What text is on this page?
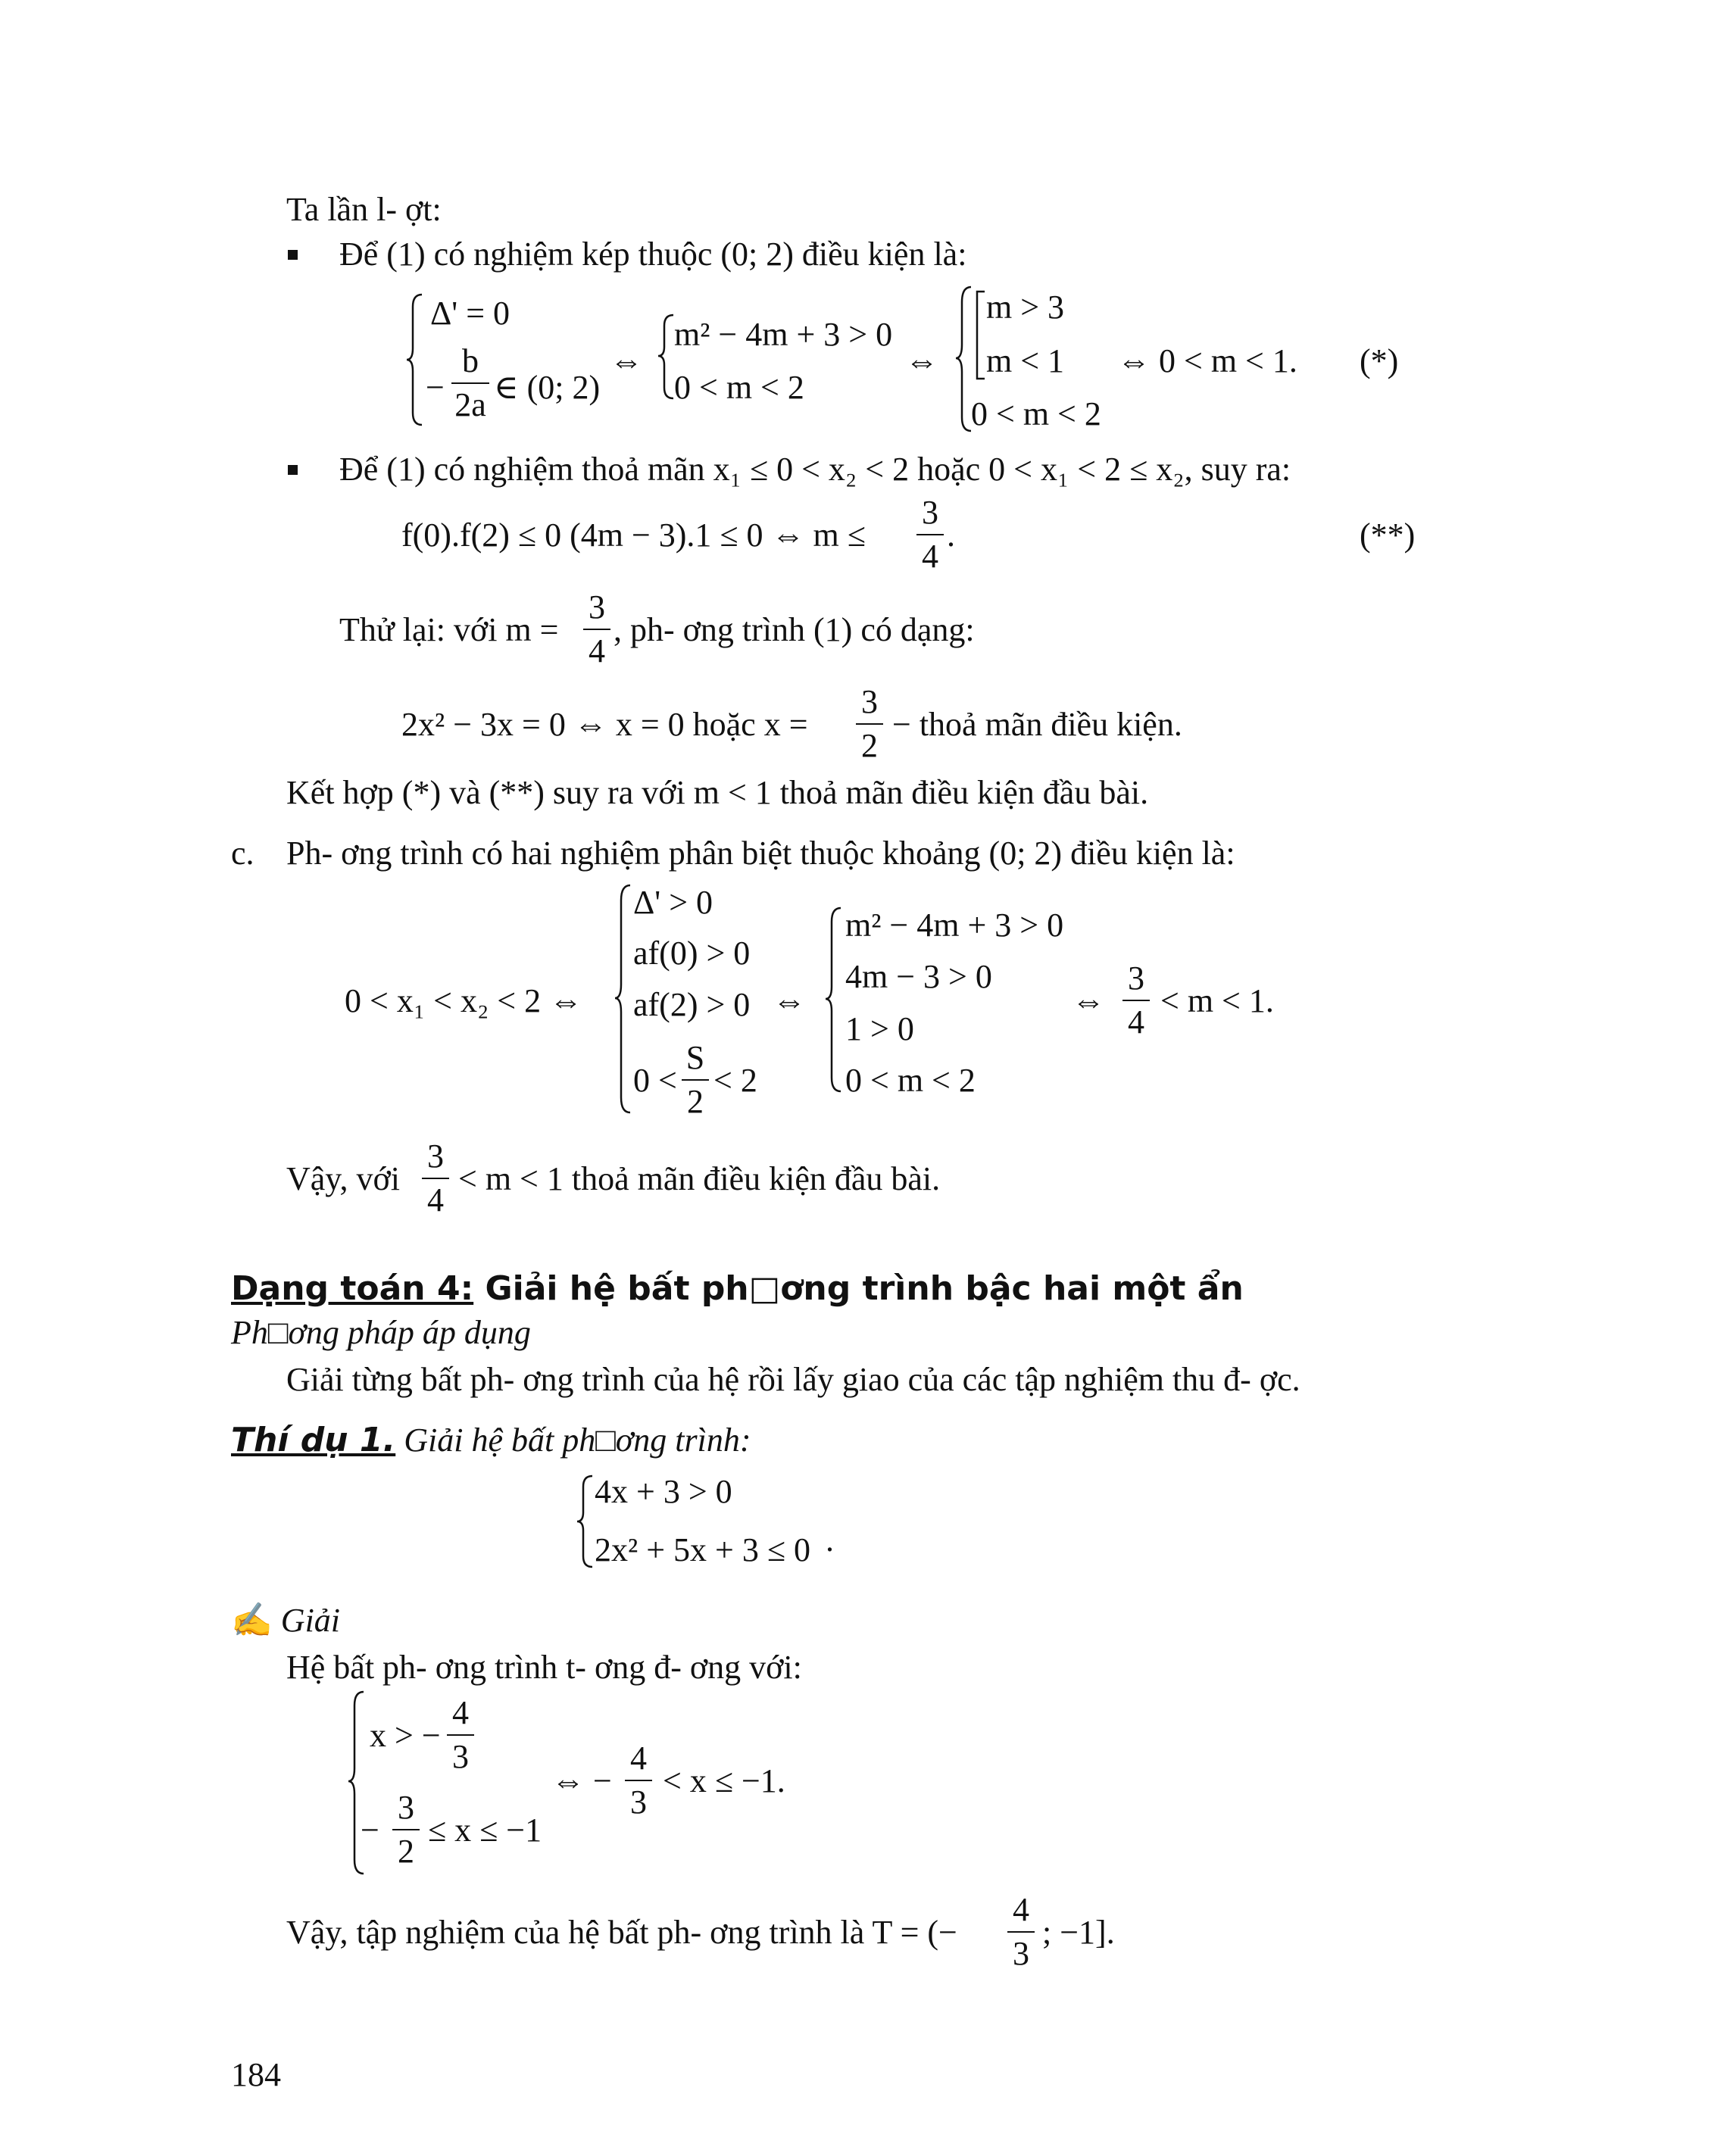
Ta lần l- ợt:
Để (1) có nghiệm kép thuộc (0; 2) điều kiện là:
Δ' = 0
−
b
2a ∈ (0; 2)
⇔
m² − 4m + 3 > 0
0 < m < 2
⇔
m > 3
m < 1
0 < m < 2
⇔ 0 < m < 1. (*)
Để (1) có nghiệm thoả mãn x₁ ≤ 0 < x₂ < 2 hoặc 0 < x₁ < 2 ≤ x₂, suy ra:
f(0).f(2) ≤ 0 (4m − 3).1 ≤ 0 ⇔ m ≤
3
4
.	(**)
Thử lại: với m =
3
4
, ph- ơng trình (1) có dạng:
2x² − 3x = 0 ⇔ x = 0 hoặc x =
3
2
− thoả mãn điều kiện.
Kết hợp (*) và (**) suy ra với m < 1 thoả mãn điều kiện đầu bài.
c. Ph- ơng trình có hai nghiệm phân biệt thuộc khoảng (0; 2) điều kiện là:
0 < x₁ < x₂ < 2 ⇔
Δ' > 0
af(0) > 0
af(2) > 0
0 <
S
2
< 2
⇔
m² − 4m + 3 > 0
4m − 3 > 0
1 > 0
0 < m < 2
⇔
3
4
< m < 1.
Vậy, với
3
4
< m < 1 thoả mãn điều kiện đầu bài.
Dạng toán 4: Giải hệ bất ph□ơng trình bậc hai một ẩn
Ph□ơng pháp áp dụng
Giải từng bất ph- ơng trình của hệ rồi lấy giao của các tập nghiệm thu đ- ợc.
Thí dụ 1. Giải hệ bất ph□ơng trình:
4x + 3 > 0
2x² + 5x + 3 ≤ 0 .
✍ Giải
Hệ bất ph- ơng trình t- ơng đ- ơng với:
x > −
4
3
−
3
2
≤ x ≤ −1
⇔ −
4
3
< x ≤ −1.
Vậy, tập nghiệm của hệ bất ph- ơng trình là T = (−
4
3
; −1].
184
